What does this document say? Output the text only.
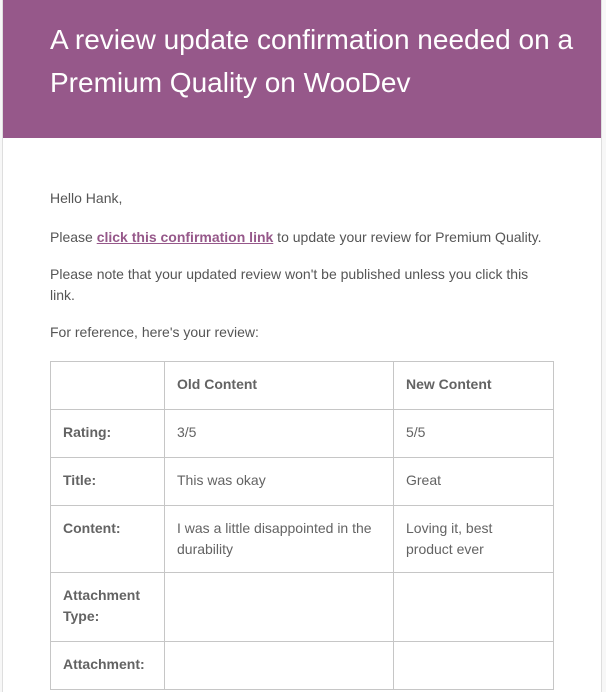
A review update confirmation needed on a Premium Quality on WooDev

Hello Hank,

Please click this confirmation link to update your review for Premium Quality.

Please note that your updated review won't be published unless you click this link.

For reference, here's your review:

	Old Content	New Content
Rating:	3/5	5/5
Title:	This was okay	Great
Content:	I was a little disappointed in the durability	Loving it, best product ever
Attachment Type:		
Attachment:		
